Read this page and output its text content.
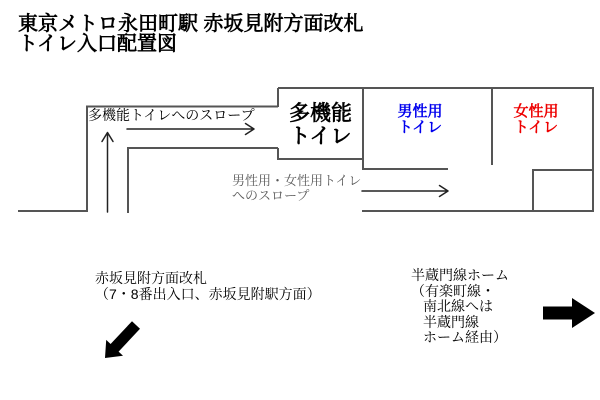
東京メトロ永田町駅 赤坂見附方面改札
トイレ入口配置図
多機能トイレへのスロープ	多機能
トイレ
男性用
トイレ
女性用
トイレ
男性用・女性用トイレ
へのスロープ
赤坂見附方面改札
（7・8番出入口、赤坂見附駅方面）
半蔵門線ホーム
（有楽町線・
南北線へは
半蔵門線
ホーム経由）
